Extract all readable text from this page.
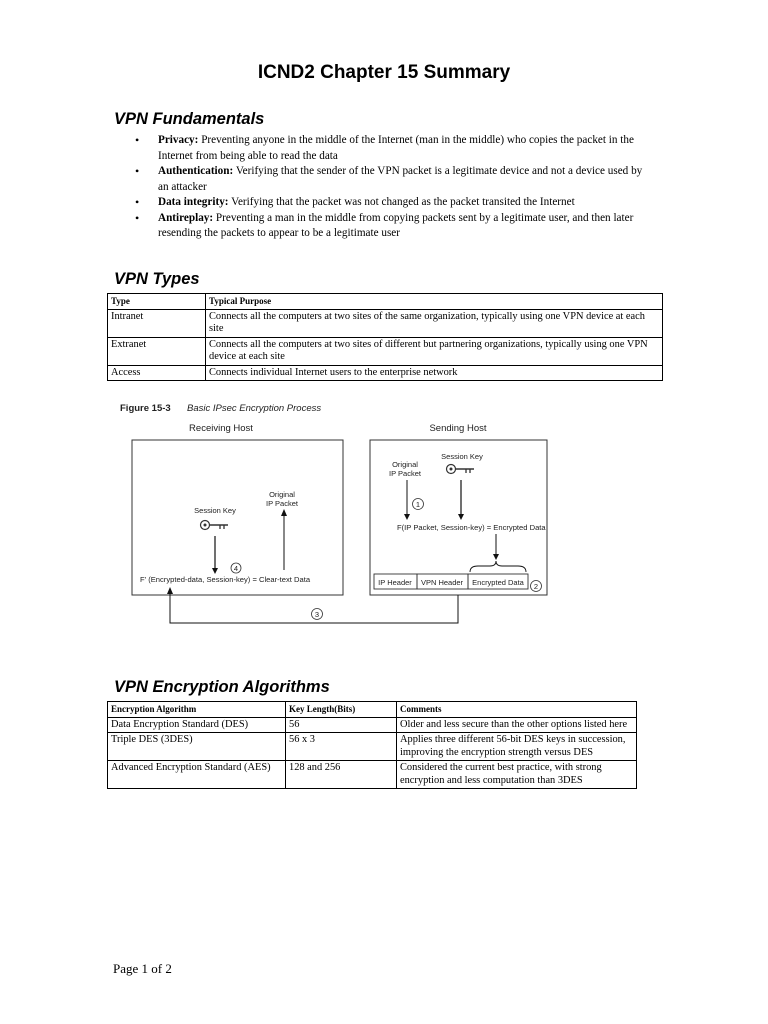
ICND2 Chapter 15 Summary
VPN Fundamentals
• Privacy: Preventing anyone in the middle of the Internet (man in the middle) who copies the packet in the Internet from being able to read the data
• Authentication: Verifying that the sender of the VPN packet is a legitimate device and not a device used by an attacker
• Data integrity: Verifying that the packet was not changed as the packet transited the Internet
• Antireplay: Preventing a man in the middle from copying packets sent by a legitimate user, and then later resending the packets to appear to be a legitimate user
VPN Types
Type	Typical Purpose
Intranet	Connects all the computers at two sites of the same organization, typically using one VPN device at each site
Extranet	Connects all the computers at two sites of different but partnering organizations, typically using one VPN device at each site
Access	Connects individual Internet users to the enterprise network
Figure 15-3 Basic IPsec Encryption Process
Receiving Host	Sending Host
Session Key
Original
IP Packet
4
F' (Encrypted-data, Session-key) = Clear-text Data
Original
IP Packet
Session Key
1
F(IP Packet, Session-key) = Encrypted Data
IP Header VPN Header Encrypted Data 2
3
VPN Encryption Algorithms
Encryption Algorithm	Key Length(Bits)	Comments
Data Encryption Standard (DES)	56	Older and less secure than the other options listed here
Triple DES (3DES)	56 x 3	Applies three different 56-bit DES keys in succession, improving the encryption strength versus DES
Advanced Encryption Standard (AES)	128 and 256	Considered the current best practice, with strong encryption and less computation than 3DES
Page 1 of 2
